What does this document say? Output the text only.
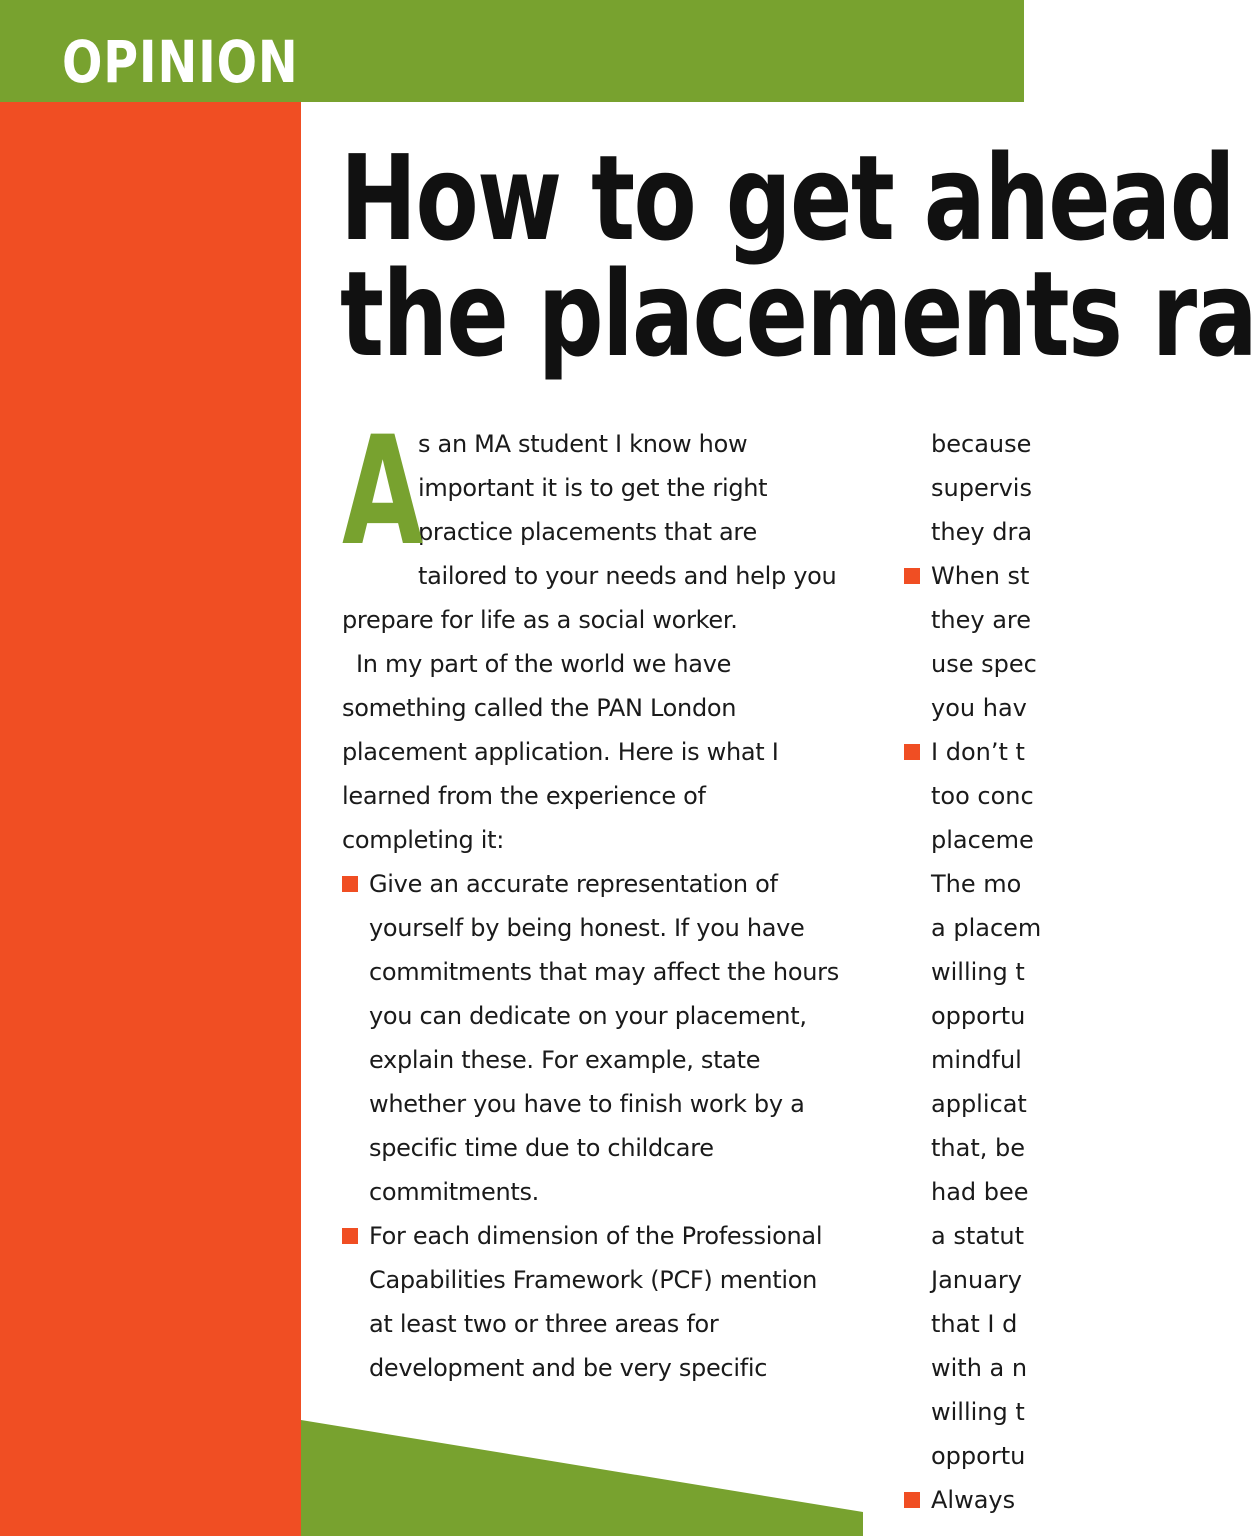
OPINION
How to get ahead
the placements ra
A

s an MA student I know how important it is to get the right practice placements that are tailored to your needs and help you prepare for life as a social worker.

In my part of the world we have something called the PAN London placement application. Here is what I learned from the experience of completing it:

Give an accurate representation of yourself by being honest. If you have commitments that may affect the hours you can dedicate on your placement, explain these. For example, state whether you have to finish work by a specific time due to childcare commitments.

For each dimension of the Professional Capabilities Framework (PCF) mention at least two or three areas for development and be very specific

because
supervis
they dra
When st
they are
use spec
you hav
I don’t t
too conc
placeme
The mo
a placem
willing t
opportu
mindful
applicat
that, be
had bee
a statut
January
that I d
with a n
willing t
opportu
Always
